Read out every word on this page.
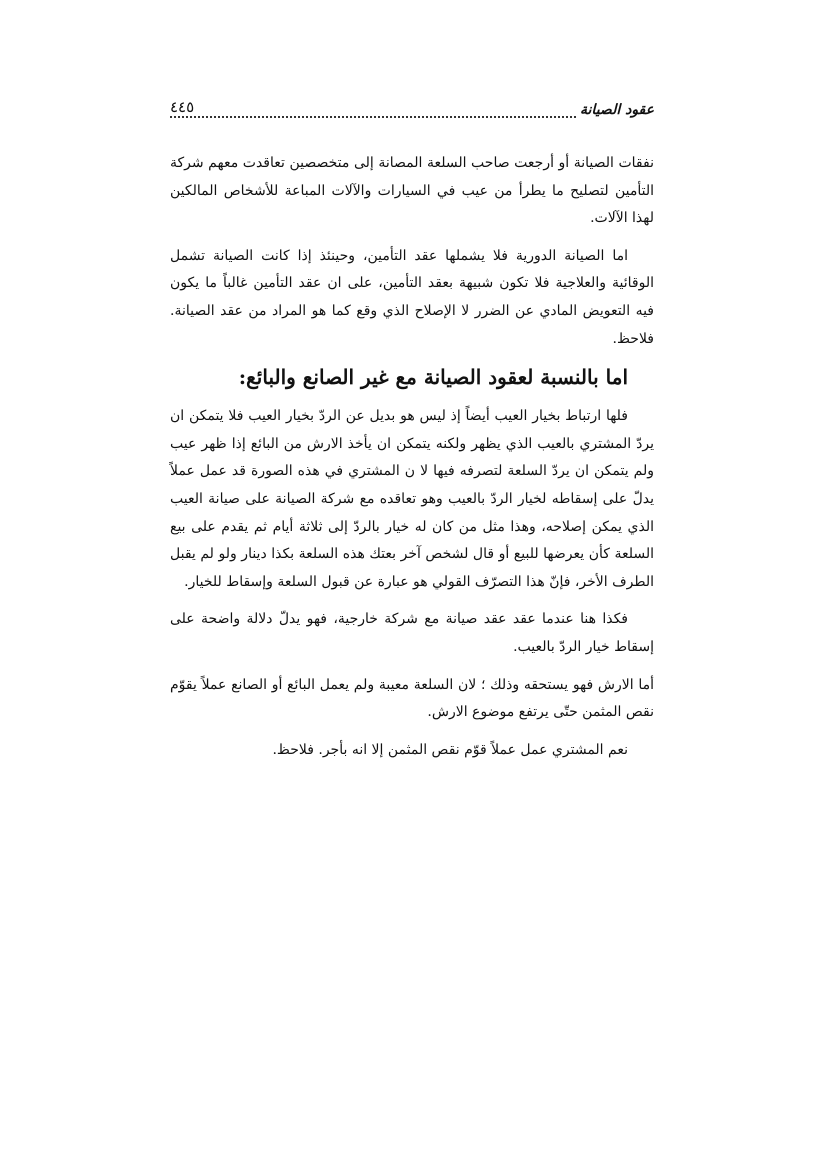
عقود الصيانة
٤٤٥

نفقات الصيانة أو أرجعت صاحب السلعة المصانة إلى متخصصين تعاقدت معهم شركة التأمين لتصليح ما يطرأ من عيب في السيارات والآلات المباعة للأشخاص المالكين لهذا الآلات.

اما الصيانة الدورية فلا يشملها عقد التأمين، وحينئذ إذا كانت الصيانة تشمل الوقائية والعلاجية فلا تكون شبيهة بعقد التأمين، على ان عقد التأمين غالباً ما يكون فيه التعويض المادي عن الضرر لا الإصلاح الذي وقع كما هو المراد من عقد الصيانة. فلاحظ.

اما بالنسبة لعقود الصيانة مع غير الصانع والبائع:

فلها ارتباط بخيار العيب أيضاً إذ ليس هو بديل عن الردّ بخيار العيب فلا يتمكن ان يردّ المشتري بالعيب الذي يظهر ولكنه يتمكن ان يأخذ الارش من البائع إذا ظهر عيب ولم يتمكن ان يردّ السلعة لتصرفه فيها لا ن المشتري في هذه الصورة قد عمل عملاً يدلّ على إسقاطه لخيار الردّ بالعيب وهو تعاقده مع شركة الصيانة على صيانة العيب الذي يمكن إصلاحه، وهذا مثل من كان له خيار بالردّ إلى ثلاثة أيام ثم يقدم على بيع السلعة كأن يعرضها للبيع أو قال لشخص آخر بعتك هذه السلعة بكذا دينار ولو لم يقبل الطرف الأخر، فإنّ هذا التصرّف القولي هو عبارة عن قبول السلعة وإسقاط للخيار.

فكذا هنا عندما عقد عقد صيانة مع شركة خارجية، فهو يدلّ دلالة واضحة على إسقاط خيار الردّ بالعيب.

أما الارش فهو يستحقه وذلك ؛ لان السلعة معيبة ولم يعمل البائع أو الصانع عملاً يقوّم نقص المثمن حتّى يرتفع موضوع الارش.

نعم المشتري عمل عملاً قوّم نقص المثمن إلا انه بأجر. فلاحظ.
